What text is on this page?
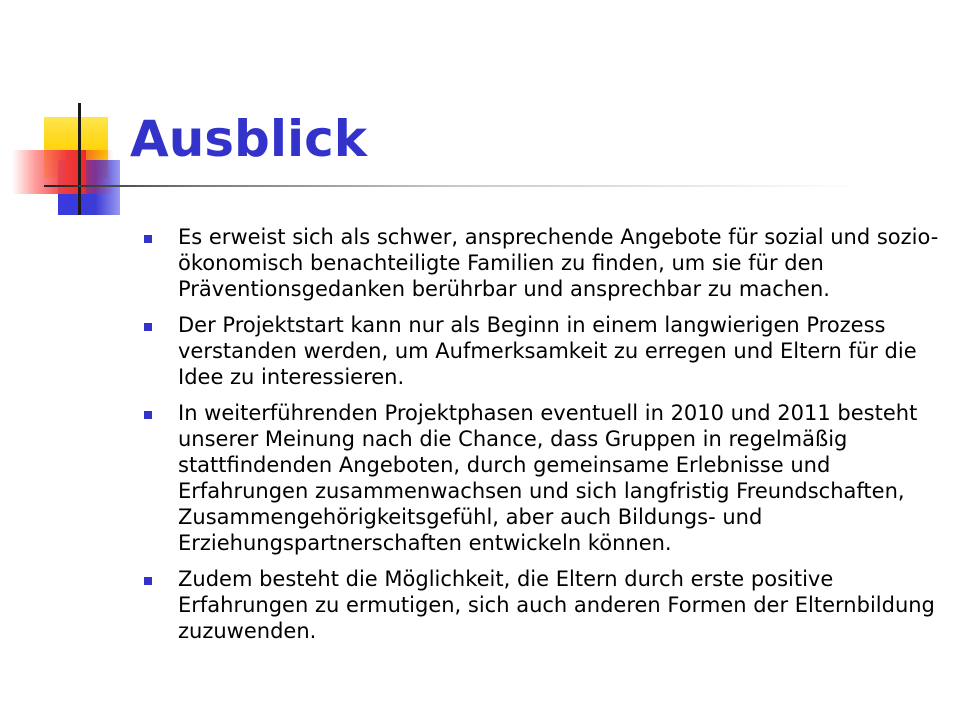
Ausblick
Es erweist sich als schwer, ansprechende Angebote für sozial und sozio-ökonomisch benachteiligte Familien zu finden, um sie für den Präventionsgedanken berührbar und ansprechbar zu machen.
Der Projektstart kann nur als Beginn in einem langwierigen Prozess verstanden werden, um Aufmerksamkeit zu erregen und Eltern für die Idee zu interessieren.
In weiterführenden Projektphasen eventuell in 2010 und 2011 besteht unserer Meinung nach die Chance, dass Gruppen in regelmäßig stattfindenden Angeboten, durch gemeinsame Erlebnisse und Erfahrungen zusammenwachsen und sich langfristig Freundschaften, Zusammengehörigkeitsgefühl, aber auch Bildungs- und Erziehungspartnerschaften entwickeln können.
Zudem besteht die Möglichkeit, die Eltern durch erste positive Erfahrungen zu ermutigen, sich auch anderen Formen der Elternbildung zuzuwenden.
